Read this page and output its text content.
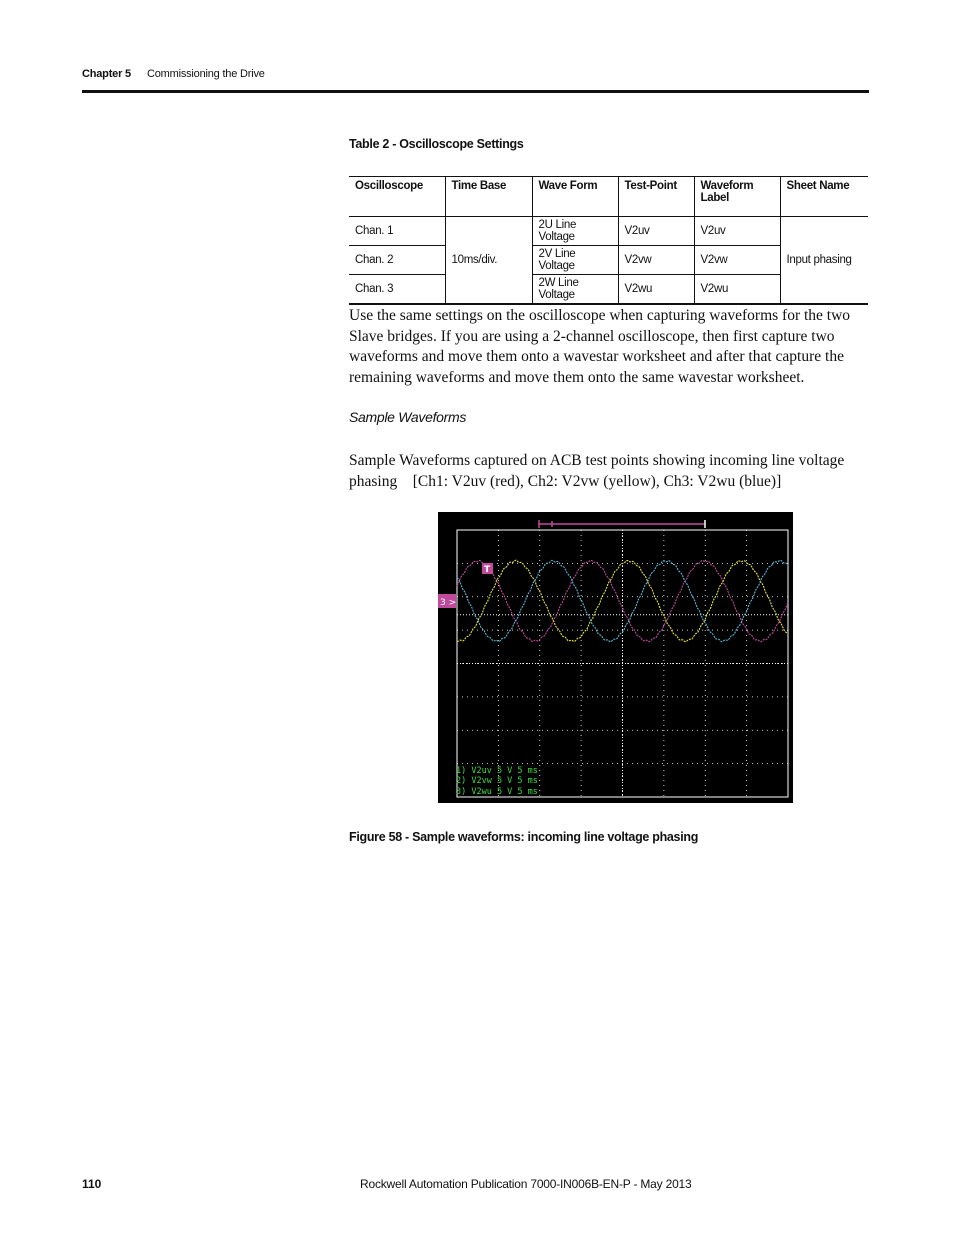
Chapter 5 Commissioning the Drive
Table 2 - Oscilloscope Settings
Oscilloscope	Time Base	Wave Form	Test-Point	Waveform Label	Sheet Name
Chan. 1	10ms/div.	2U Line Voltage	V2uv	V2uv	Input phasing
Chan. 2		2V Line Voltage	V2vw	V2vw	
Chan. 3		2W Line Voltage	V2wu	V2wu	

Use the same settings on the oscilloscope when capturing waveforms for the two Slave bridges. If you are using a 2-channel oscilloscope, then first capture two waveforms and move them onto a wavestar worksheet and after that capture the remaining waveforms and move them onto the same wavestar worksheet.

Sample Waveforms

Sample Waveforms captured on ACB test points showing incoming line voltage phasing    [Ch1: V2uv (red), Ch2: V2vw (yellow), Ch3: V2wu (blue)]

T
3 >
1) V2uv 5 V 5 ms
2) V2vw 5 V 5 ms
3) V2wu 5 V 5 ms
Figure 58 - Sample waveforms: incoming line voltage phasing
110	Rockwell Automation Publication 7000-IN006B-EN-P - May 2013
